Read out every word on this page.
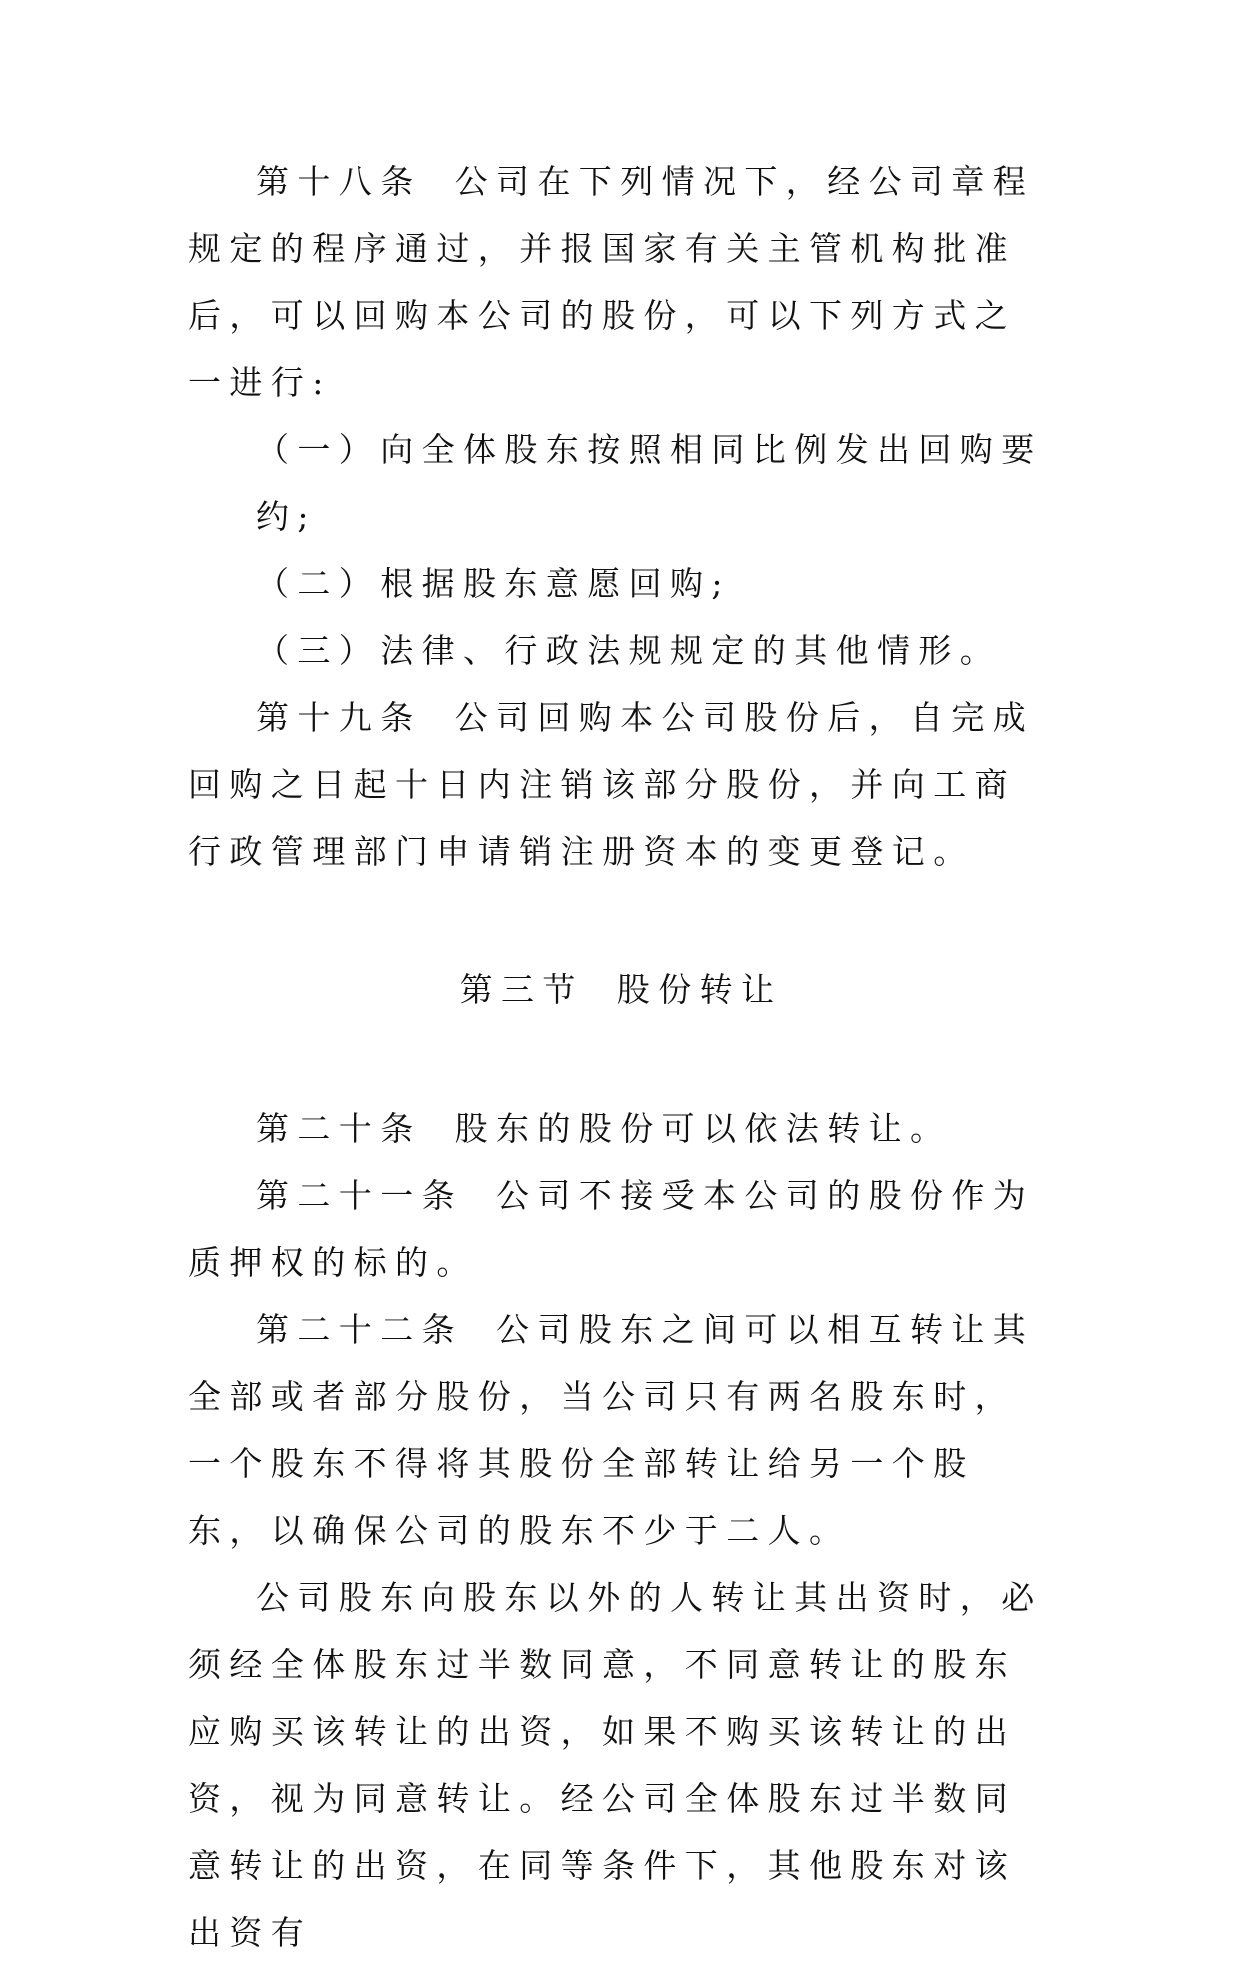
第十八条 公司在下列情况下，经公司章程规定的程序通过，并报国家有关主管机构批准后，可以回购本公司的股份，可以下列方式之一进行:

（一）向全体股东按照相同比例发出回购要约;

（二）根据股东意愿回购;

（三）法律、行政法规规定的其他情形。

第十九条 公司回购本公司股份后，自完成回购之日起十日内注销该部分股份，并向工商行政管理部门申请销注册资本的变更登记。

第三节 股份转让

第二十条 股东的股份可以依法转让。

第二十一条 公司不接受本公司的股份作为质押权的标的。

第二十二条 公司股东之间可以相互转让其全部或者部分股份，当公司只有两名股东时，一个股东不得将其股份全部转让给另一个股东，以确保公司的股东不少于二人。

公司股东向股东以外的人转让其出资时，必须经全体股东过半数同意，不同意转让的股东应购买该转让的出资，如果不购买该转让的出资，视为同意转让。经公司全体股东过半数同意转让的出资，在同等条件下，其他股东对该出资有
